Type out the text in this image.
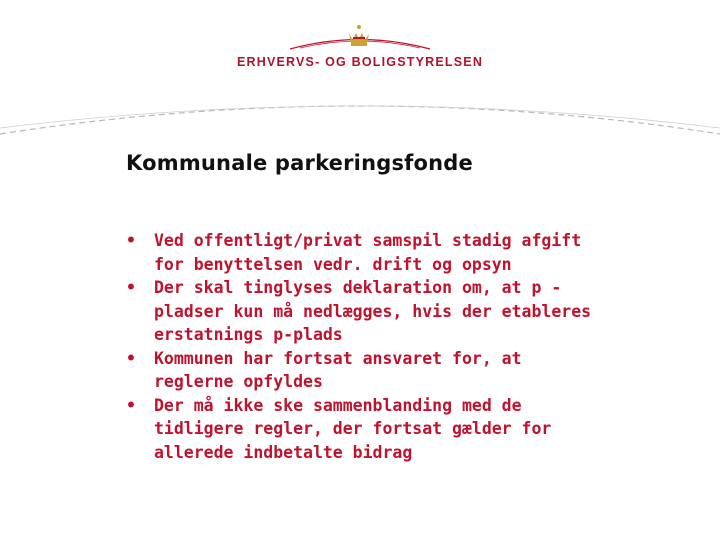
ERHVERVS- OG BOLIGSTYRELSEN
Kommunale parkeringsfonde
• Ved offentligt/privat samspil stadig afgift for benyttelsen vedr. drift og opsyn
• Der skal tinglyses deklaration om, at p -pladser kun må nedlægges, hvis der etableres erstatnings p-plads
• Kommunen har fortsat ansvaret for, at reglerne opfyldes
• Der må ikke ske sammenblanding med de tidligere regler, der fortsat gælder for allerede indbetalte bidrag
